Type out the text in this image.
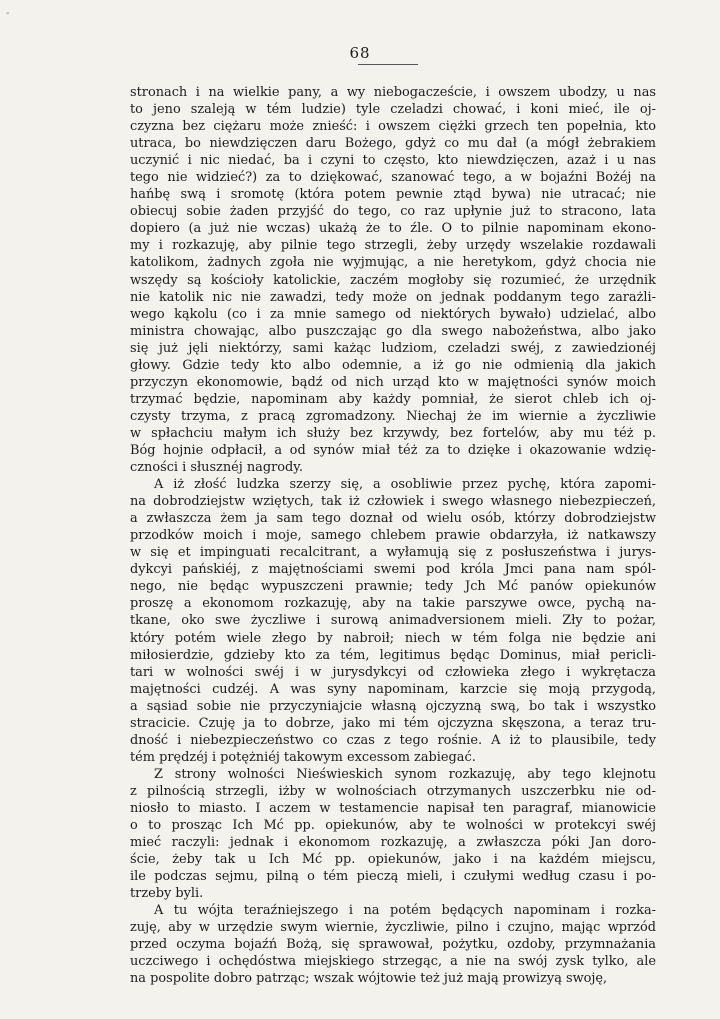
-
68
stronach i na wielkie pany, a wy niebogaczeście, i owszem ubodzy, u nas
to jeno szaleją w tém ludzie) tyle czeladzi chować, i koni mieć, ile oj-
czyzna bez ciężaru może znieść: i owszem ciężki grzech ten popełnia, kto
utraca, bo niewdzięczen daru Bożego, gdyż co mu dał (a mógł żebrakiem
uczynić i nic niedać, ba i czyni to często, kto niewdzięczen, azaż i u nas
tego nie widzieć?) za to dziękować, szanować tego, a w bojaźni Bożéj na
hańbę swą i sromotę (która potem pewnie ztąd bywa) nie utracać; nie
obiecuj sobie żaden przyjść do tego, co raz upłynie już to stracono, lata
dopiero (a już nie wczas) ukażą że to źle. O to pilnie napominam ekono-
my i rozkazuję, aby pilnie tego strzegli, żeby urzędy wszelakie rozdawali
katolikom, żadnych zgoła nie wyjmując, a nie heretykom, gdyż chocia nie
wszędy są kościoły katolickie, zaczém mogłoby się rozumieć, że urzędnik
nie katolik nic nie zawadzi, tedy może on jednak poddanym tego zarażli-
wego kąkolu (co i za mnie samego od niektórych bywało) udzielać, albo
ministra chowając, albo puszczając go dla swego nabożeństwa, albo jako
się już jęli niektórzy, sami każąc ludziom, czeladzi swéj, z zawiedzionéj
głowy. Gdzie tedy kto albo odemnie, a iż go nie odmienią dla jakich
przyczyn ekonomowie, bądź od nich urząd kto w majętności synów moich
trzymać będzie, napominam aby każdy pomniał, że sierot chleb ich oj-
czysty trzyma, z pracą zgromadzony. Niechaj że im wiernie a życzliwie
w spłachciu małym ich służy bez krzywdy, bez fortelów, aby mu téż p.
Bóg hojnie odpłacił, a od synów miał téż za to dzięke i okazowanie wdzię-
czności i słusznéj nagrody.
A iż złość ludzka szerzy się, a osobliwie przez pychę, która zapomi-
na dobrodziejstw wziętych, tak iż człowiek i swego własnego niebezpieczeń,
a zwłaszcza żem ja sam tego doznał od wielu osób, którzy dobrodziejstw
przodków moich i moje, samego chlebem prawie obdarzyła, iż natkawszy
w się et impinguati recalcitrant, a wyłamują się z posłuszeństwa i jurys-
dykcyi pańskiéj, z majętnościami swemi pod króla Jmci pana nam spól-
nego, nie będąc wypuszczeni prawnie; tedy Jch Mć panów opiekunów
proszę a ekonomom rozkazuję, aby na takie parszywe owce, pychą na-
tkane, oko swe życzliwe i surową animadversionem mieli. Zły to pożar,
który potém wiele złego by nabroił; niech w tém folga nie będzie ani
miłosierdzie, gdzieby kto za tém, legitimus będąc Dominus, miał pericli-
tari w wolności swéj i w jurysdykcyi od człowieka złego i wykrętacza
majętności cudzéj. A was syny napominam, karzcie się moją przygodą,
a sąsiad sobie nie przyczyniajcie własną ojczyzną swą, bo tak i wszystko
stracicie. Czuję ja to dobrze, jako mi tém ojczyzna skęszona, a teraz tru-
dność i niebezpieczeństwo co czas z tego rośnie. A iż to plausibile, tedy
tém prędzéj i potężniéj takowym excessom zabiegać.
Z strony wolności Nieświeskich synom rozkazuję, aby tego klejnotu
z pilnością strzegli, iżby w wolnościach otrzymanych uszczerbku nie od-
niosło to miasto. I aczem w testamencie napisał ten paragraf, mianowicie
o to prosząc Ich Mć pp. opiekunów, aby te wolności w protekcyi swéj
mieć raczyli: jednak i ekonomom rozkazuję, a zwłaszcza póki Jan doro-
ście, żeby tak u Ich Mć pp. opiekunów, jako i na każdém miejscu,
ile podczas sejmu, pilną o tém pieczą mieli, i czułymi według czasu i po-
trzeby byli.
A tu wójta teraźniejszego i na potém będących napominam i rozka-
zuję, aby w urzędzie swym wiernie, życzliwie, pilno i czujno, mając wprzód
przed oczyma bojaźń Bożą, się sprawował, pożytku, ozdoby, przymnażania
uczciwego i ochędóstwa miejskiego strzegąc, a nie na swój zysk tylko, ale
na pospolite dobro patrząc; wszak wójtowie też już mają prowizyą swoję,
